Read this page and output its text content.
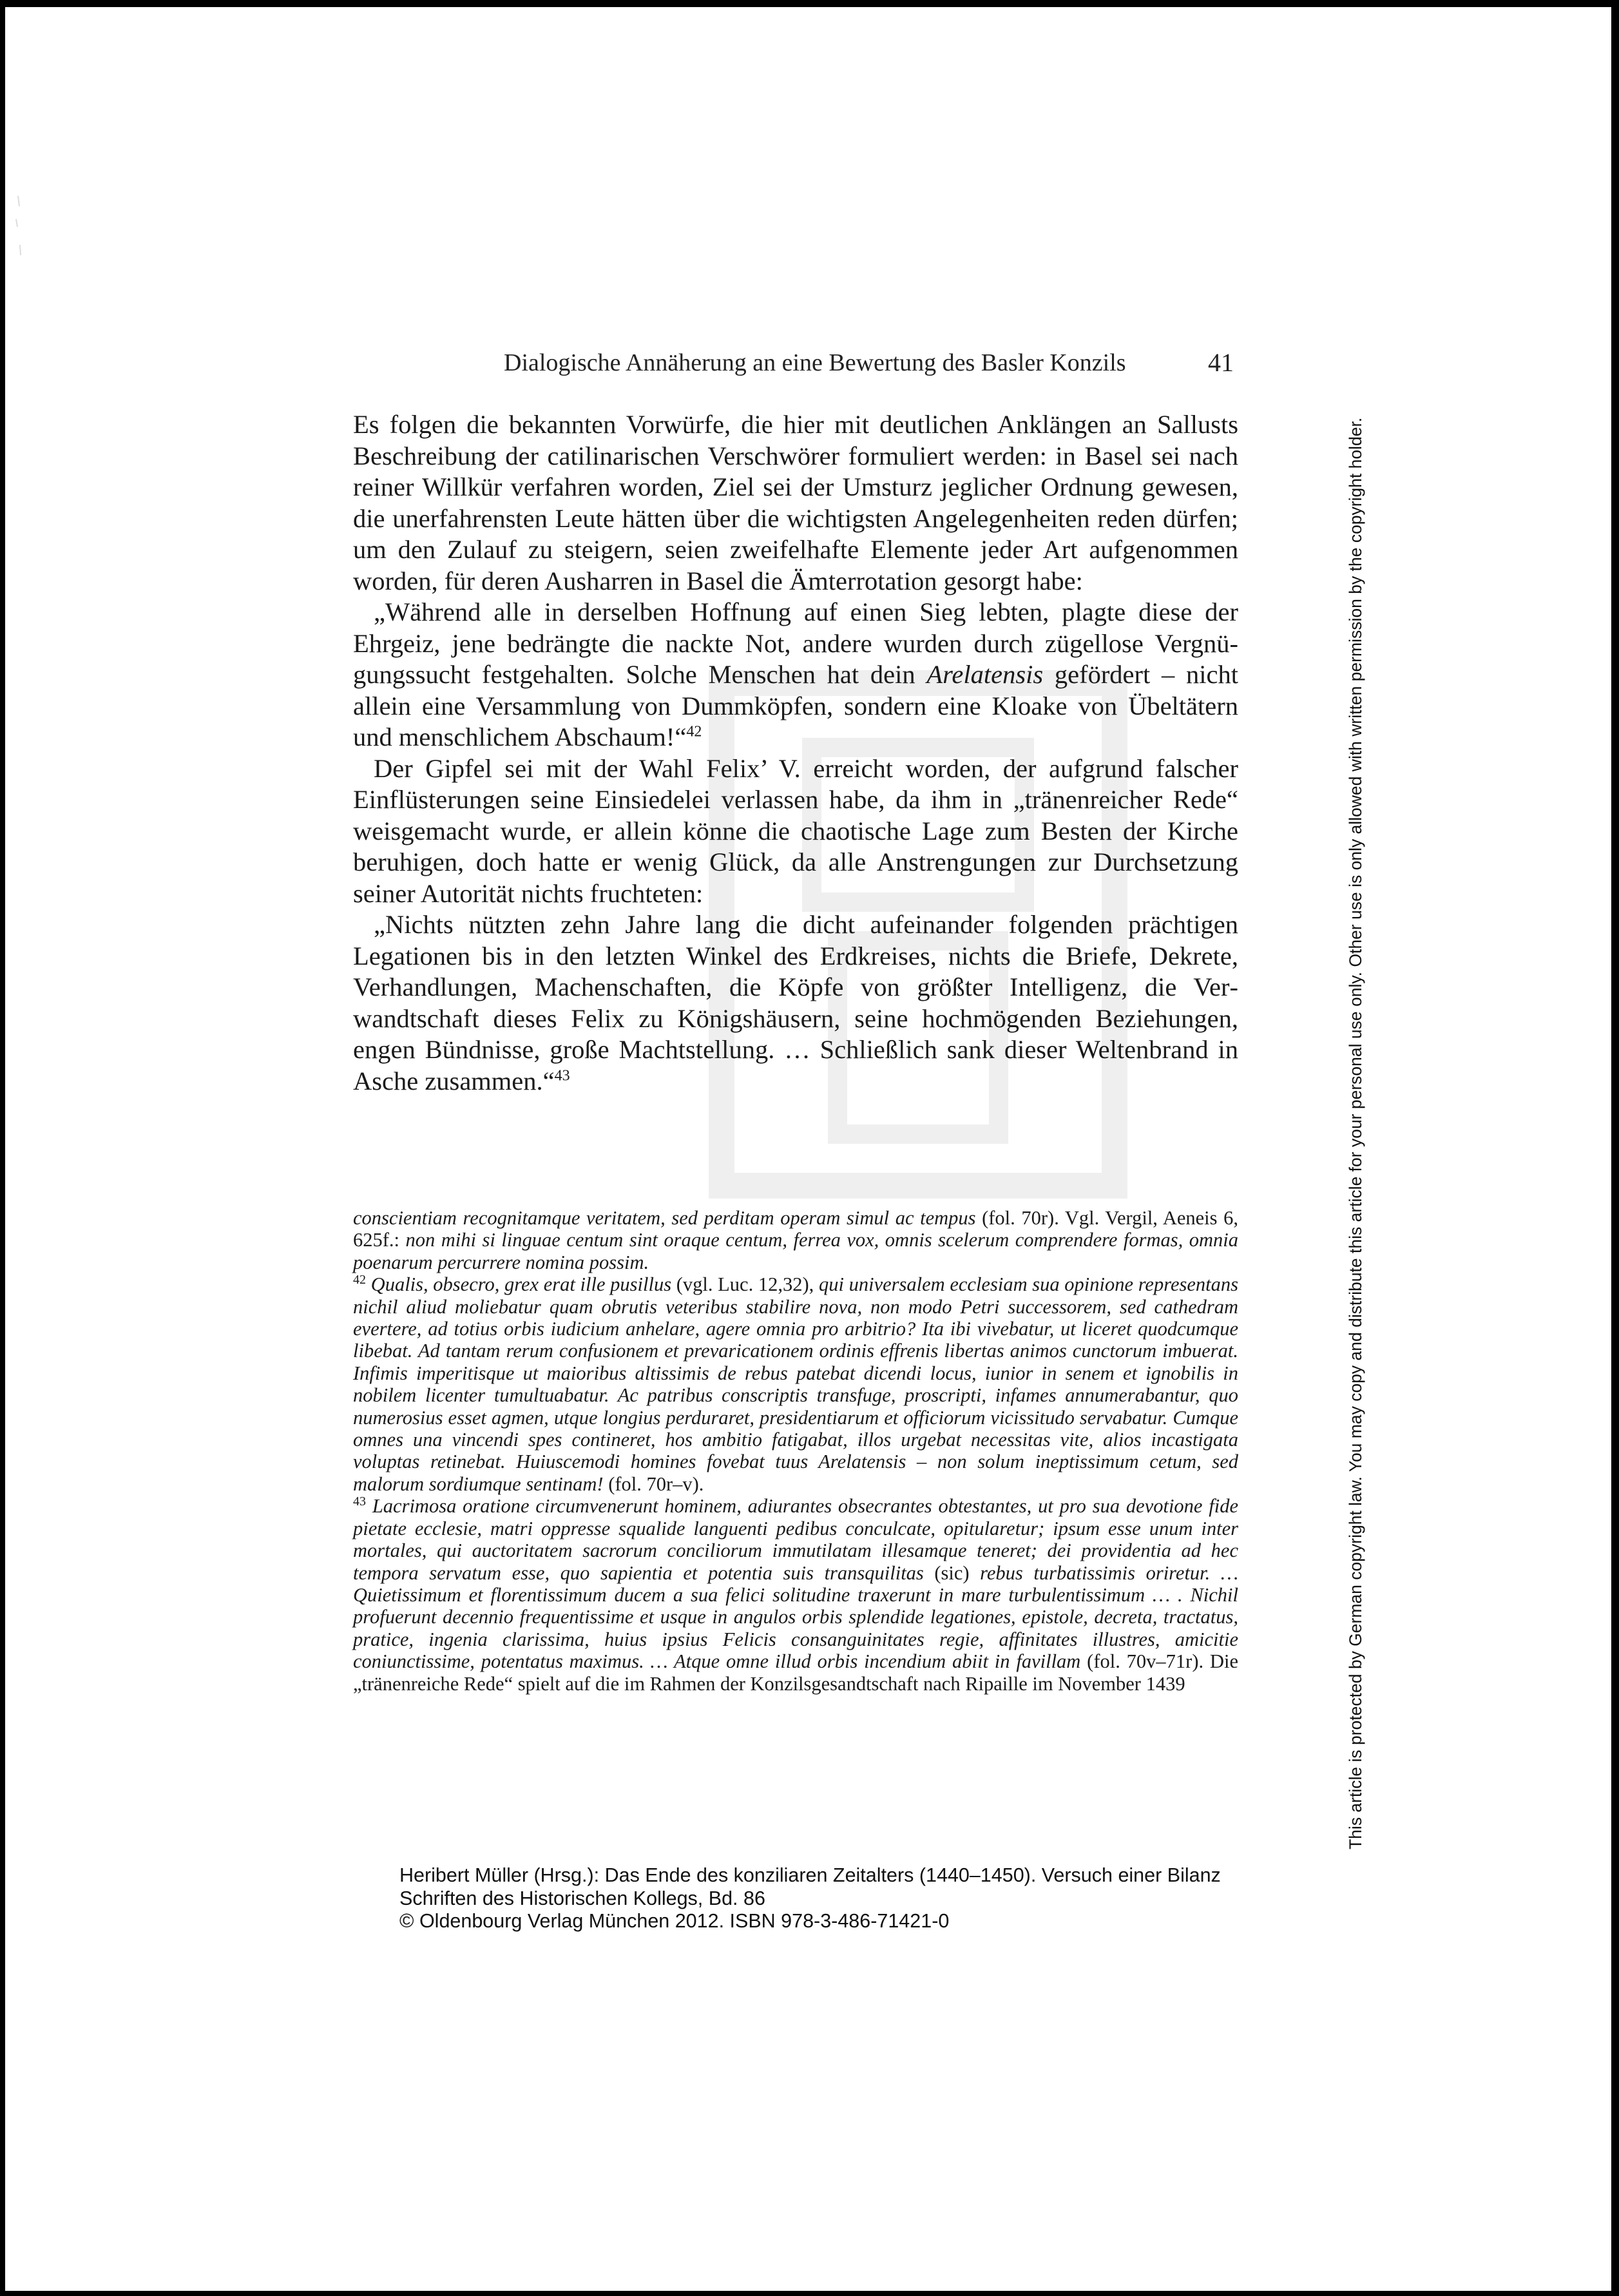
Dialogische Annäherung an eine Bewertung des Basler Konzils	41

Es folgen die bekannten Vorwürfe, die hier mit deutlichen Anklängen an Sallusts Beschreibung der catilinarischen Verschwörer formuliert werden: in Basel sei nach reiner Willkür verfahren worden, Ziel sei der Umsturz jeglicher Ordnung gewesen, die unerfahrensten Leute hätten über die wichtigsten Angelegenheiten reden dürfen; um den Zulauf zu steigern, seien zweifelhafte Elemente jeder Art aufgenommen worden, für deren Ausharren in Basel die Ämterrotation gesorgt habe:

„Während alle in derselben Hoffnung auf einen Sieg lebten, plagte diese der Ehrgeiz, jene bedrängte die nackte Not, andere wurden durch zügellose Vergnügungssucht festgehalten. Solche Menschen hat dein Arelatensis gefördert – nicht allein eine Versammlung von Dummköpfen, sondern eine Kloake von Übeltätern und menschlichem Abschaum!“$^{42}$

Der Gipfel sei mit der Wahl Felix’ V. erreicht worden, der aufgrund falscher Einflüsterungen seine Einsiedelei verlassen habe, da ihm in „tränenreicher Rede“ weisgemacht wurde, er allein könne die chaotische Lage zum Besten der Kirche beruhigen, doch hatte er wenig Glück, da alle Anstrengungen zur Durchsetzung seiner Autorität nichts fruchteten:

„Nichts nützten zehn Jahre lang die dicht aufeinander folgenden prächtigen Legationen bis in den letzten Winkel des Erdkreises, nichts die Briefe, Dekrete, Verhandlungen, Machenschaften, die Köpfe von größter Intelligenz, die Verwandtschaft dieses Felix zu Königshäusern, seine hochmögenden Beziehungen, engen Bündnisse, große Machtstellung. … Schließlich sank dieser Weltenbrand in Asche zusammen.“$^{43}$

conscientiam recognitamque veritatem, sed perditam operam simul ac tempus (fol. 70r). Vgl. Vergil, Aeneis 6, 625f.: non mihi si linguae centum sint oraque centum, ferrea vox, omnis scelerum comprendere formas, omnia poenarum percurrere nomina possim.

$^{42}$ Qualis, obsecro, grex erat ille pusillus (vgl. Luc. 12,32), qui universalem ecclesiam sua opinione representans nichil aliud moliebatur quam obrutis veteribus stabilire nova, non modo Petri successorem, sed cathedram evertere, ad totius orbis iudicium anhelare, agere omnia pro arbitrio? Ita ibi vivebatur, ut liceret quodcumque libebat. Ad tantam rerum confusionem et prevaricationem ordinis effrenis libertas animos cunctorum imbuerat. Infimis imperitisque ut maioribus altissimis de rebus patebat dicendi locus, iunior in senem et ignobilis in nobilem licenter tumultuabatur. Ac patribus conscriptis transfuge, proscripti, infames annumerabantur, quo numerosius esset agmen, utque longius perduraret, presidentiarum et officiorum vicissitudo servabatur. Cumque omnes una vincendi spes contineret, hos ambitio fatigabat, illos urgebat necessitas vite, alios incastigata voluptas retinebat. Huiuscemodi homines fovebat tuus Arelatensis – non solum ineptissimum cetum, sed malorum sordiumque sentinam! (fol. 70r–v).

$^{43}$ Lacrimosa oratione circumvenerunt hominem, adiurantes obsecrantes obtestantes, ut pro sua devotione fide pietate ecclesie, matri oppresse squalide languenti pedibus conculcate, opitularetur; ipsum esse unum inter mortales, qui auctoritatem sacrorum conciliorum immutilatam illesamque teneret; dei providentia ad hec tempora servatum esse, quo sapientia et potentia suis transquilitas (sic) rebus turbatissimis oriretur. … Quietissimum et florentissimum ducem a sua felici solitudine traxerunt in mare turbulentissimum … . Nichil profuerunt decennio frequentissime et usque in angulos orbis splendide legationes, epistole, decreta, tractatus, pratice, ingenia clarissima, huius ipsius Felicis consanguinitates regie, affinitates illustres, amicitie coniunctissime, potentatus maximus. … Atque omne illud orbis incendium abiit in favillam (fol. 70v–71r). Die „tränenreiche Rede“ spielt auf die im Rahmen der Konzilsgesandtschaft nach Ripaille im November 1439

Heribert Müller (Hrsg.): Das Ende des konziliaren Zeitalters (1440–1450). Versuch einer Bilanz
Schriften des Historischen Kollegs, Bd. 86
© Oldenbourg Verlag München 2012. ISBN 978-3-486-71421-0
This article is protected by German copyright law. You may copy and distribute this article for your personal use only. Other use is only allowed with written permission by the copyright holder.
